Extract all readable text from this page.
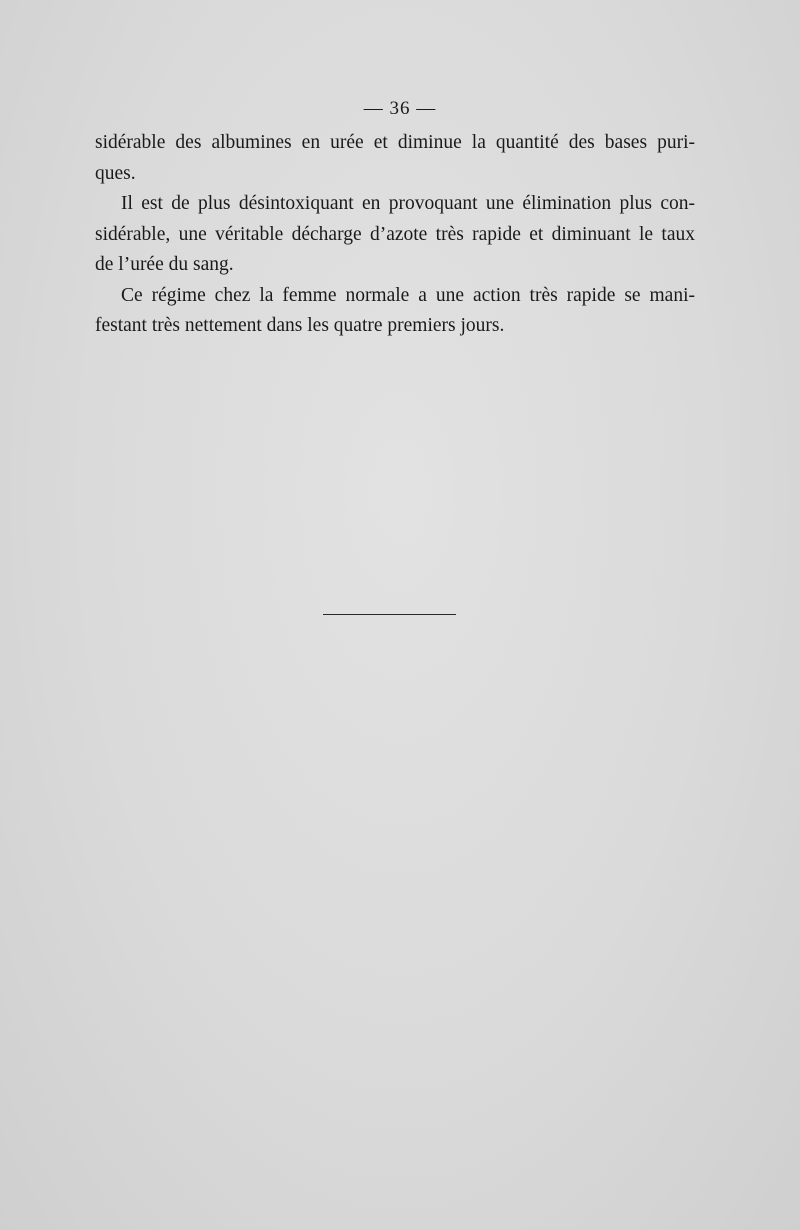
— 36 —

sidérable des albumines en urée et diminue la quantité des bases puri-
ques.

Il est de plus désintoxiquant en provoquant une élimination plus con-
sidérable, une véritable décharge d’azote très rapide et diminuant le taux
de l’urée du sang.

Ce régime chez la femme normale a une action très rapide se mani-
festant très nettement dans les quatre premiers jours.
